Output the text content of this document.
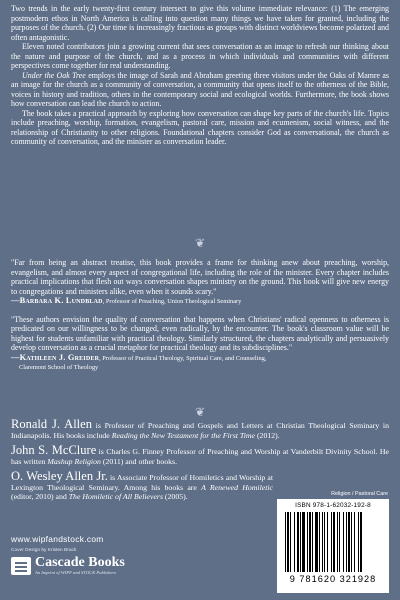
Two trends in the early twenty-first century intersect to give this volume immediate relevance: (1) The emerging postmodern ethos in North America is calling into question many things we have taken for granted, including the purposes of the church. (2) Our time is increasingly fractious as groups with distinct worldviews become polarized and often antagonistic.

Eleven noted contributors join a growing current that sees conversation as an image to refresh our thinking about the nature and purpose of the church, and as a process in which individuals and communities with different perspectives come together for real understanding.

Under the Oak Tree employs the image of Sarah and Abraham greeting three visitors under the Oaks of Mamre as an image for the church as a community of conversation, a community that opens itself to the otherness of the Bible, voices in history and tradition, others in the contemporary social and ecological worlds. Furthermore, the book shows how conversation can lead the church to action.

The book takes a practical approach by exploring how conversation can shape key parts of the church's life. Topics include preaching, worship, formation, evangelism, pastoral care, mission and ecumenism, social witness, and the relationship of Christianity to other religions. Foundational chapters consider God as conversational, the church as community of conversation, and the minister as conversation leader.

❦

"Far from being an abstract treatise, this book provides a frame for thinking anew about preaching, worship, evangelism, and almost every aspect of congregational life, including the role of the minister. Every chapter includes practical implications that flesh out ways conversation shapes ministry on the ground. This book will give new energy to congregations and ministers alike, even when it sounds scary."

—Barbara K. Lundblad, Professor of Preaching, Union Theological Seminary

"These authors envision the quality of conversation that happens when Christians' radical openness to otherness is predicated on our willingness to be changed, even radically, by the encounter. The book's classroom value will be highest for students unfamiliar with practical theology. Similarly structured, the chapters analytically and persuasively develop conversation as a crucial metaphor for practical theology and its subdisciplines."

—Kathleen J. Greider, Professor of Practical Theology, Spiritual Care, and Counseling,
Claremont School of Theology
❦

Ronald J. Allen is Professor of Preaching and Gospels and Letters at Christian Theological Seminary in Indianapolis. His books include Reading the New Testament for the First Time (2012).

John S. McClure is Charles G. Finney Professor of Preaching and Worship at Vanderbilt Divinity School. He has written Mashup Religion (2011) and other books.

O. Wesley Allen Jr. is Associate Professor of Homiletics and Worship at Lexington Theological Seminary. Among his books are A Renewed Homiletic (editor, 2010) and The Homiletic of All Believers (2005).	Religion / Pastoral Care
ISBN 978-1-62032-192-8
9 781620 321928
www.wipfandstock.com
Cover Design by Kristen Brack
Cascade Books
An Imprint of WIPF and STOCK Publishers
